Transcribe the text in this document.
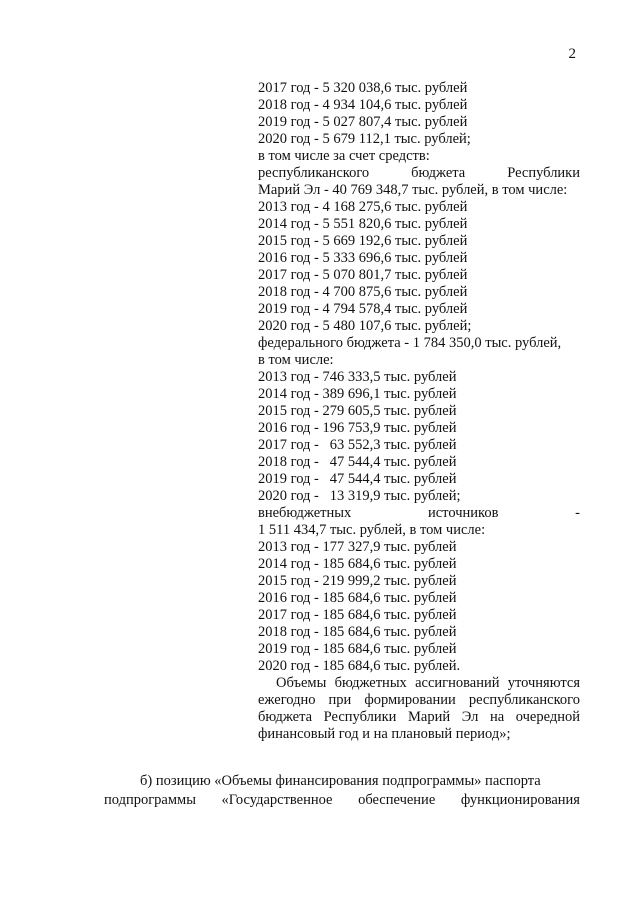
2
2017 год - 5 320 038,6 тыс. рублей
2018 год - 4 934 104,6 тыс. рублей
2019 год - 5 027 807,4 тыс. рублей
2020 год - 5 679 112,1 тыс. рублей;
в том числе за счет средств:
республиканского	бюджета	Республики
Марий Эл - 40 769 348,7 тыс. рублей, в том числе:
2013 год - 4 168 275,6 тыс. рублей
2014 год - 5 551 820,6 тыс. рублей
2015 год - 5 669 192,6 тыс. рублей
2016 год - 5 333 696,6 тыс. рублей
2017 год - 5 070 801,7 тыс. рублей
2018 год - 4 700 875,6 тыс. рублей
2019 год - 4 794 578,4 тыс. рублей
2020 год - 5 480 107,6 тыс. рублей;
федерального бюджета - 1 784 350,0 тыс. рублей,
в том числе:
2013 год - 746 333,5 тыс. рублей
2014 год - 389 696,1 тыс. рублей
2015 год - 279 605,5 тыс. рублей
2016 год - 196 753,9 тыс. рублей
2017 год -   63 552,3 тыс. рублей
2018 год -   47 544,4 тыс. рублей
2019 год -   47 544,4 тыс. рублей
2020 год -   13 319,9 тыс. рублей;
внебюджетных	источников	-
1 511 434,7 тыс. рублей, в том числе:
2013 год - 177 327,9 тыс. рублей
2014 год - 185 684,6 тыс. рублей
2015 год - 219 999,2 тыс. рублей
2016 год - 185 684,6 тыс. рублей
2017 год - 185 684,6 тыс. рублей
2018 год - 185 684,6 тыс. рублей
2019 год - 185 684,6 тыс. рублей
2020 год - 185 684,6 тыс. рублей.
Объемы бюджетных ассигнований уточняются ежегодно при формировании республиканского бюджета Республики Марий Эл на очередной финансовый год и на плановый период»;
б) позицию «Объемы финансирования подпрограммы» паспорта
подпрограммы «Государственное обеспечение функционирования
